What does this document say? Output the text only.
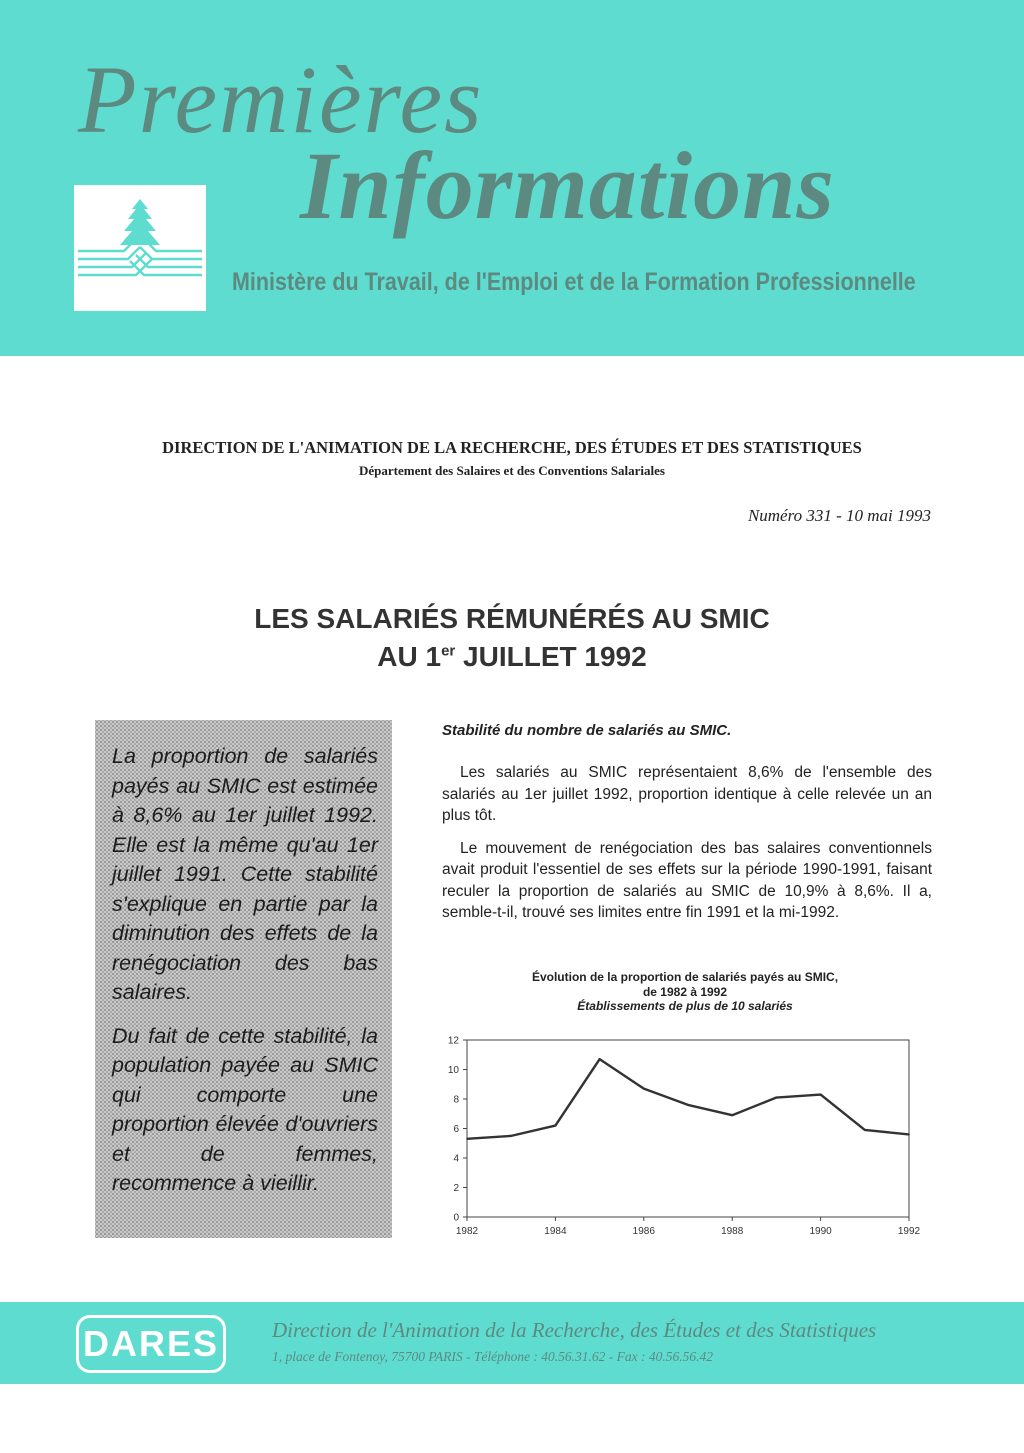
Premières
Informations
Ministère du Travail, de l'Emploi et de la Formation Professionnelle
DIRECTION DE L'ANIMATION DE LA RECHERCHE, DES ÉTUDES ET DES STATISTIQUES
Département des Salaires et des Conventions Salariales
Numéro 331 - 10 mai 1993
LES SALARIÉS RÉMUNÉRÉS AU SMIC
AU 1er JUILLET 1992

La proportion de salariés payés au SMIC est estimée à 8,6% au 1er juillet 1992. Elle est la même qu'au 1er juillet 1991. Cette stabilité s'explique en partie par la diminution des effets de la renégociation des bas salaires.

Du fait de cette stabilité, la population payée au SMIC qui comporte une proportion élevée d'ouvriers et de femmes, recommence à vieillir.

Stabilité du nombre de salariés au SMIC.

Les salariés au SMIC représentaient 8,6% de l'ensemble des salariés au 1er juillet 1992, proportion identique à celle relevée un an plus tôt.

Le mouvement de renégociation des bas salaires conventionnels avait produit l'essentiel de ses effets sur la période 1990-1991, faisant reculer la proportion de salariés au SMIC de 10,9% à 8,6%. Il a, semble-t-il, trouvé ses limites entre fin 1991 et la mi-1992.

Évolution de la proportion de salariés payés au SMIC,
de 1982 à 1992
Établissements de plus de 10 salariés
0
2
4
6
8
10
12
1982	1984	1986	1988	1990	1992
DARES	Direction de l'Animation de la Recherche, des Études et des Statistiques
1, place de Fontenoy, 75700 PARIS - Téléphone : 40.56.31.62 - Fax : 40.56.56.42
